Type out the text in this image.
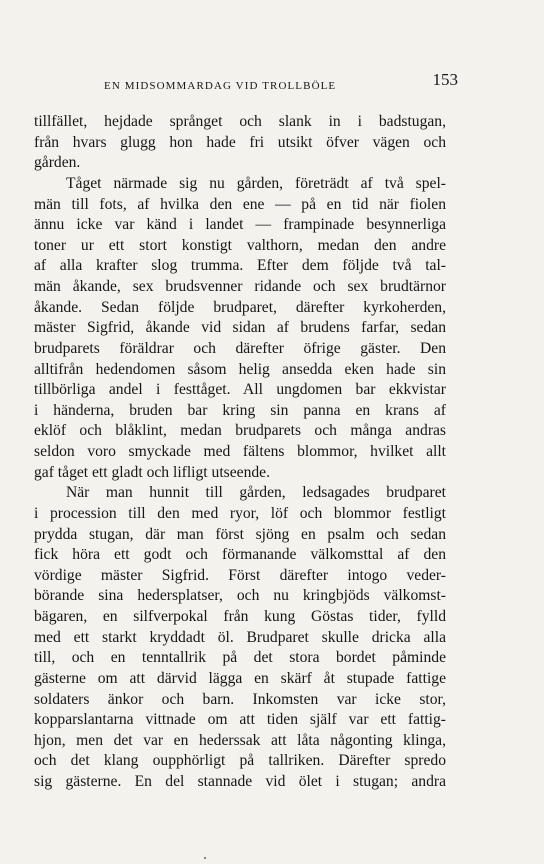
EN MIDSOMMARDAG VID TROLLBÖLE	153
tillfället, hejdade språnget och slank in i badstugan,
från hvars glugg hon hade fri utsikt öfver vägen och
gården.
Tåget närmade sig nu gården, företrädt af två spel-
män till fots, af hvilka den ene — på en tid när fiolen
ännu icke var känd i landet — frampinade besynnerliga
toner ur ett stort konstigt valthorn, medan den andre
af alla krafter slog trumma. Efter dem följde två tal-
män åkande, sex brudsvenner ridande och sex brudtärnor
åkande. Sedan följde brudparet, därefter kyrkoherden,
mäster Sigfrid, åkande vid sidan af brudens farfar, sedan
brudparets föräldrar och därefter öfrige gäster. Den
alltifrån hedendomen såsom helig ansedda eken hade sin
tillbörliga andel i festtåget. All ungdomen bar ekkvistar
i händerna, bruden bar kring sin panna en krans af
eklöf och blåklint, medan brudparets och många andras
seldon voro smyckade med fältens blommor, hvilket allt
gaf tåget ett gladt och lifligt utseende.
När man hunnit till gården, ledsagades brudparet
i procession till den med ryor, löf och blommor festligt
prydda stugan, där man först sjöng en psalm och sedan
fick höra ett godt och förmanande välkomsttal af den
vördige mäster Sigfrid. Först därefter intogo veder-
börande sina hedersplatser, och nu kringbjöds välkomst-
bägaren, en silfverpokal från kung Göstas tider, fylld
med ett starkt kryddadt öl. Brudparet skulle dricka alla
till, och en tenntallrik på det stora bordet påminde
gästerne om att därvid lägga en skärf åt stupade fattige
soldaters änkor och barn. Inkomsten var icke stor,
kopparslantarna vittnade om att tiden själf var ett fattig-
hjon, men det var en hederssak att låta någonting klinga,
och det klang oupphörligt på tallriken. Därefter spredo
sig gästerne. En del stannade vid ölet i stugan; andra
